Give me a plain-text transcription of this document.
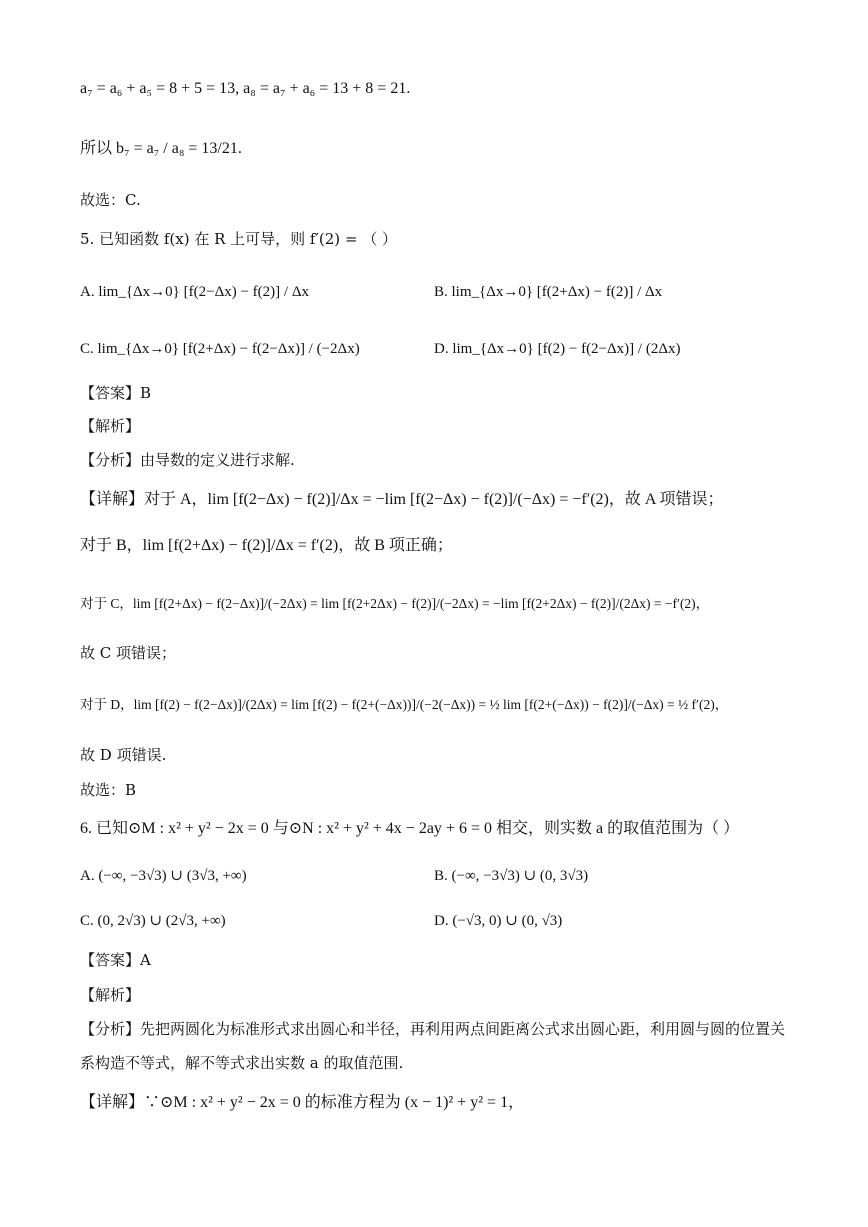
a₇ = a₆ + a₅ = 8 + 5 = 13, a₈ = a₇ + a₆ = 13 + 8 = 21.
所以 b₇ = a₇ / a₈ = 13/21.
故选：C.
5. 已知函数 f(x) 在 R 上可导，则 f′(2) = （ ）
A. lim_{Δx→0} [f(2−Δx) − f(2)] / Δx	B. lim_{Δx→0} [f(2+Δx) − f(2)] / Δx
C. lim_{Δx→0} [f(2+Δx) − f(2−Δx)] / (−2Δx)	D. lim_{Δx→0} [f(2) − f(2−Δx)] / (2Δx)
【答案】B
【解析】
【分析】由导数的定义进行求解.
【详解】对于 A，lim [f(2−Δx) − f(2)]/Δx = −lim [f(2−Δx) − f(2)]/(−Δx) = −f′(2)，故 A 项错误；
对于 B，lim [f(2+Δx) − f(2)]/Δx = f′(2)，故 B 项正确；
对于 C，lim [f(2+Δx) − f(2−Δx)]/(−2Δx) = lim [f(2+2Δx) − f(2)]/(−2Δx) = −lim [f(2+2Δx) − f(2)]/(2Δx) = −f′(2)，
故 C 项错误；
对于 D，lim [f(2) − f(2−Δx)]/(2Δx) = lim [f(2) − f(2+(−Δx))]/(−2(−Δx)) = ½ lim [f(2+(−Δx)) − f(2)]/(−Δx) = ½ f′(2)，
故 D 项错误.
故选：B
6. 已知⊙M : x² + y² − 2x = 0 与⊙N : x² + y² + 4x − 2ay + 6 = 0 相交，则实数 a 的取值范围为（ ）
A. (−∞, −3√3) ∪ (3√3, +∞)	B. (−∞, −3√3) ∪ (0, 3√3)
C. (0, 2√3) ∪ (2√3, +∞)	D. (−√3, 0) ∪ (0, √3)
【答案】A
【解析】
【分析】先把两圆化为标准形式求出圆心和半径，再利用两点间距离公式求出圆心距，利用圆与圆的位置关
系构造不等式，解不等式求出实数 a 的取值范围.
【详解】∵⊙M : x² + y² − 2x = 0 的标准方程为 (x − 1)² + y² = 1，
